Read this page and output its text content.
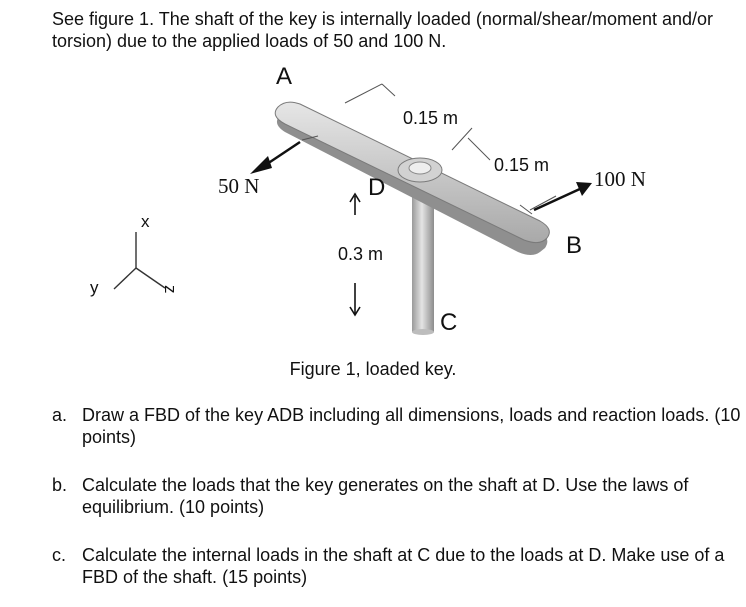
See figure 1. The shaft of the key is internally loaded (normal/shear/moment and/or torsion) due to the applied loads of 50 and 100 N.

A
B
C
D
0.15 m
0.15 m
0.3 m
50 N	100 N
x
y	z
Figure 1, loaded key.
a. Draw a FBD of the key ADB including all dimensions, loads and reaction loads. (10 points)
b. Calculate the loads that the key generates on the shaft at D. Use the laws of equilibrium. (10 points)
c. Calculate the internal loads in the shaft at C due to the loads at D. Make use of a FBD of the shaft. (15 points)
